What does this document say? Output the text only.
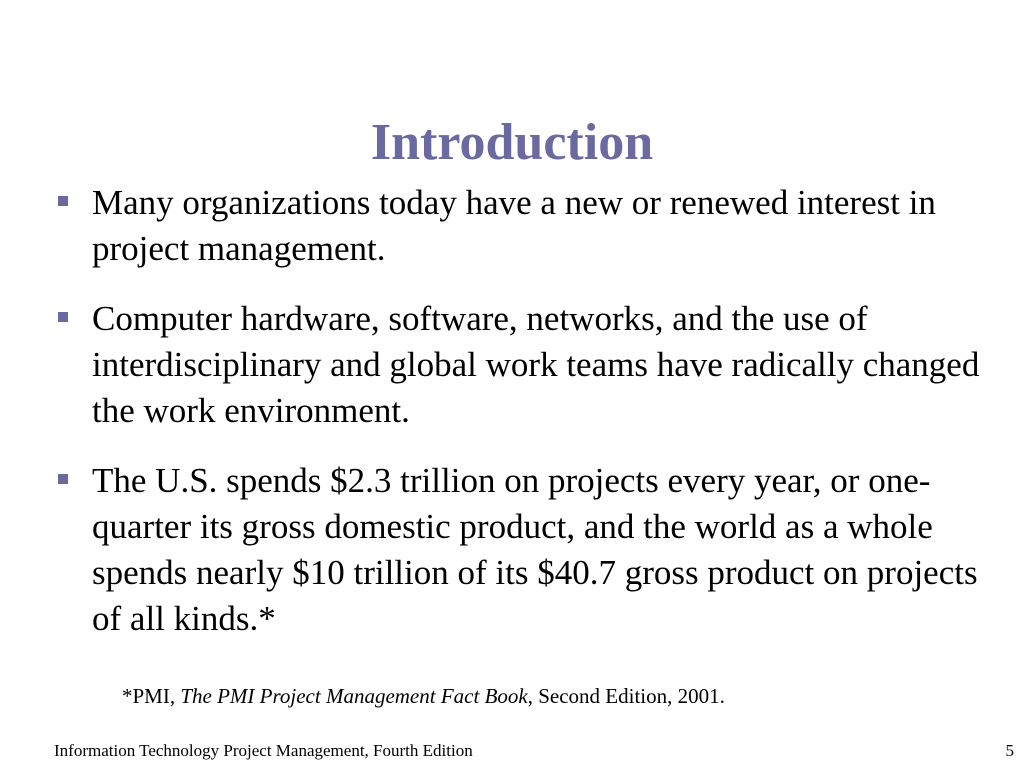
Introduction
Many organizations today have a new or renewed interest in project management.
Computer hardware, software, networks, and the use of interdisciplinary and global work teams have radically changed the work environment.
The U.S. spends $2.3 trillion on projects every year, or one-quarter its gross domestic product, and the world as a whole spends nearly $10 trillion of its $40.7 gross product on projects of all kinds.*
*PMI, The PMI Project Management Fact Book, Second Edition, 2001.
Information Technology Project Management, Fourth Edition	5
